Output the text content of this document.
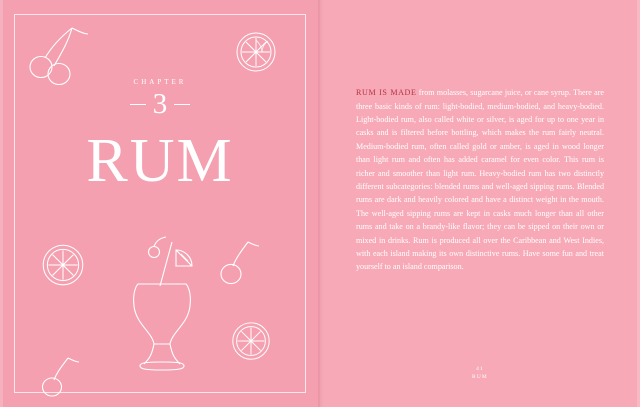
CHAPTER
3
RUM

RUM IS MADE from molasses, sugarcane juice, or cane syrup. There are three basic kinds of rum: light-bodied, medium-bodied, and heavy-bodied. Light-bodied rum, also called white or silver, is aged for up to one year in casks and is filtered before bottling, which makes the rum fairly neutral. Medium-bodied rum, often called gold or amber, is aged in wood longer than light rum and often has added caramel for even color. This rum is richer and smoother than light rum. Heavy-bodied rum has two distinctly different subcategories: blended rums and well-aged sipping rums. Blended rums are dark and heavily colored and have a distinct weight in the mouth. The well-aged sipping rums are kept in casks much longer than all other rums and take on a brandy-like flavor; they can be sipped on their own or mixed in drinks. Rum is produced all over the Caribbean and West Indies, with each island making its own distinctive rums. Have some fun and treat yourself to an island comparison.

41
RUM
